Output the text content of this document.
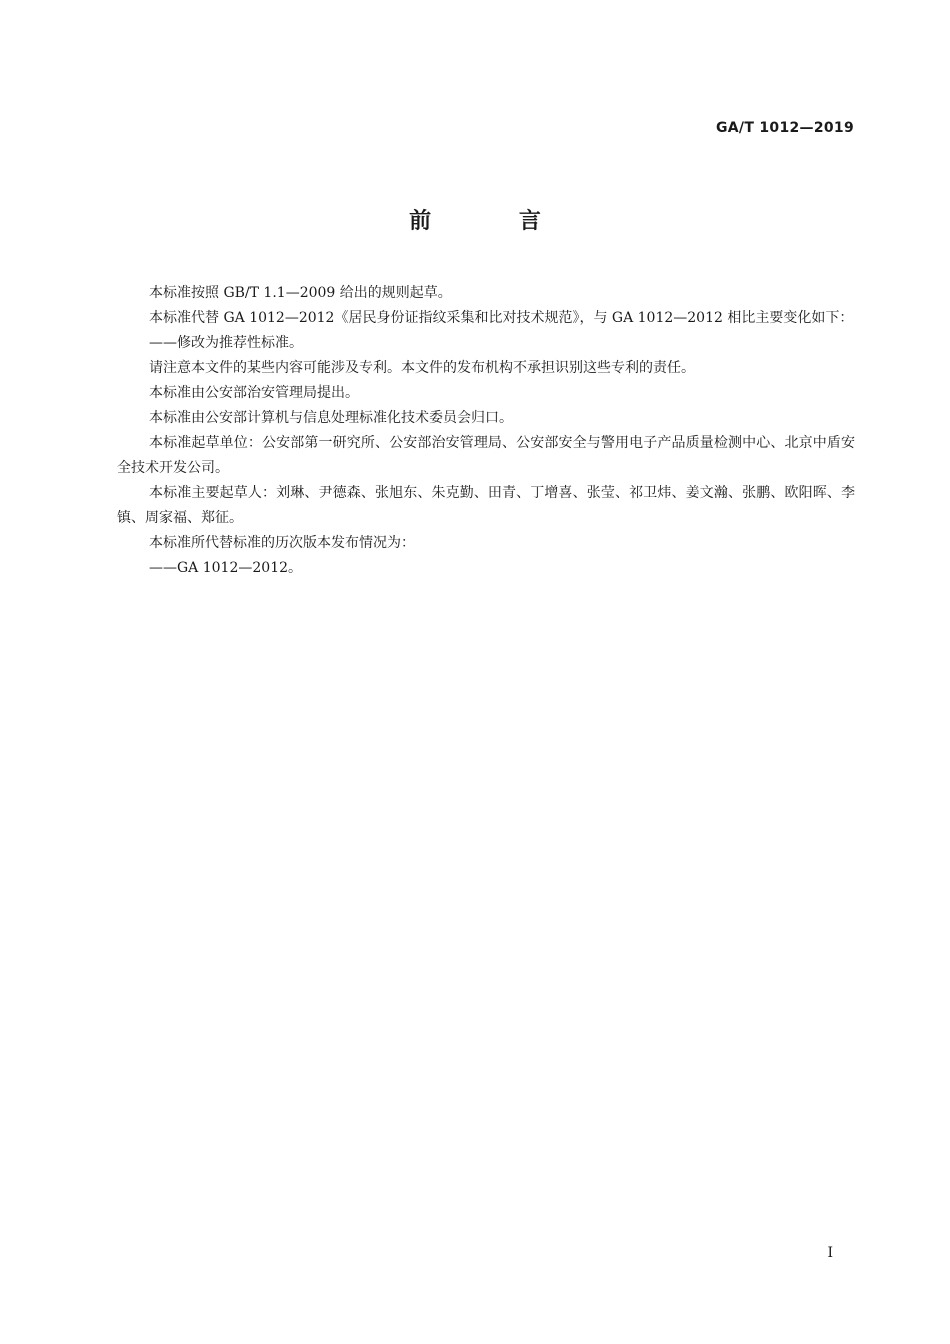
GA/T 1012—2019
前 言

本标准按照 GB/T 1.1—2009 给出的规则起草。

本标准代替 GA 1012—2012《居民身份证指纹采集和比对技术规范》，与 GA 1012—2012 相比主要变化如下：

——修改为推荐性标准。

请注意本文件的某些内容可能涉及专利。本文件的发布机构不承担识别这些专利的责任。

本标准由公安部治安管理局提出。

本标准由公安部计算机与信息处理标准化技术委员会归口。

本标准起草单位：公安部第一研究所、公安部治安管理局、公安部安全与警用电子产品质量检测中心、北京中盾安全技术开发公司。

本标准主要起草人：刘琳、尹德森、张旭东、朱克勤、田青、丁增喜、张莹、祁卫炜、姜文瀚、张鹏、欧阳晖、李镇、周家福、郑征。

本标准所代替标准的历次版本发布情况为：

——GA 1012—2012。

I
